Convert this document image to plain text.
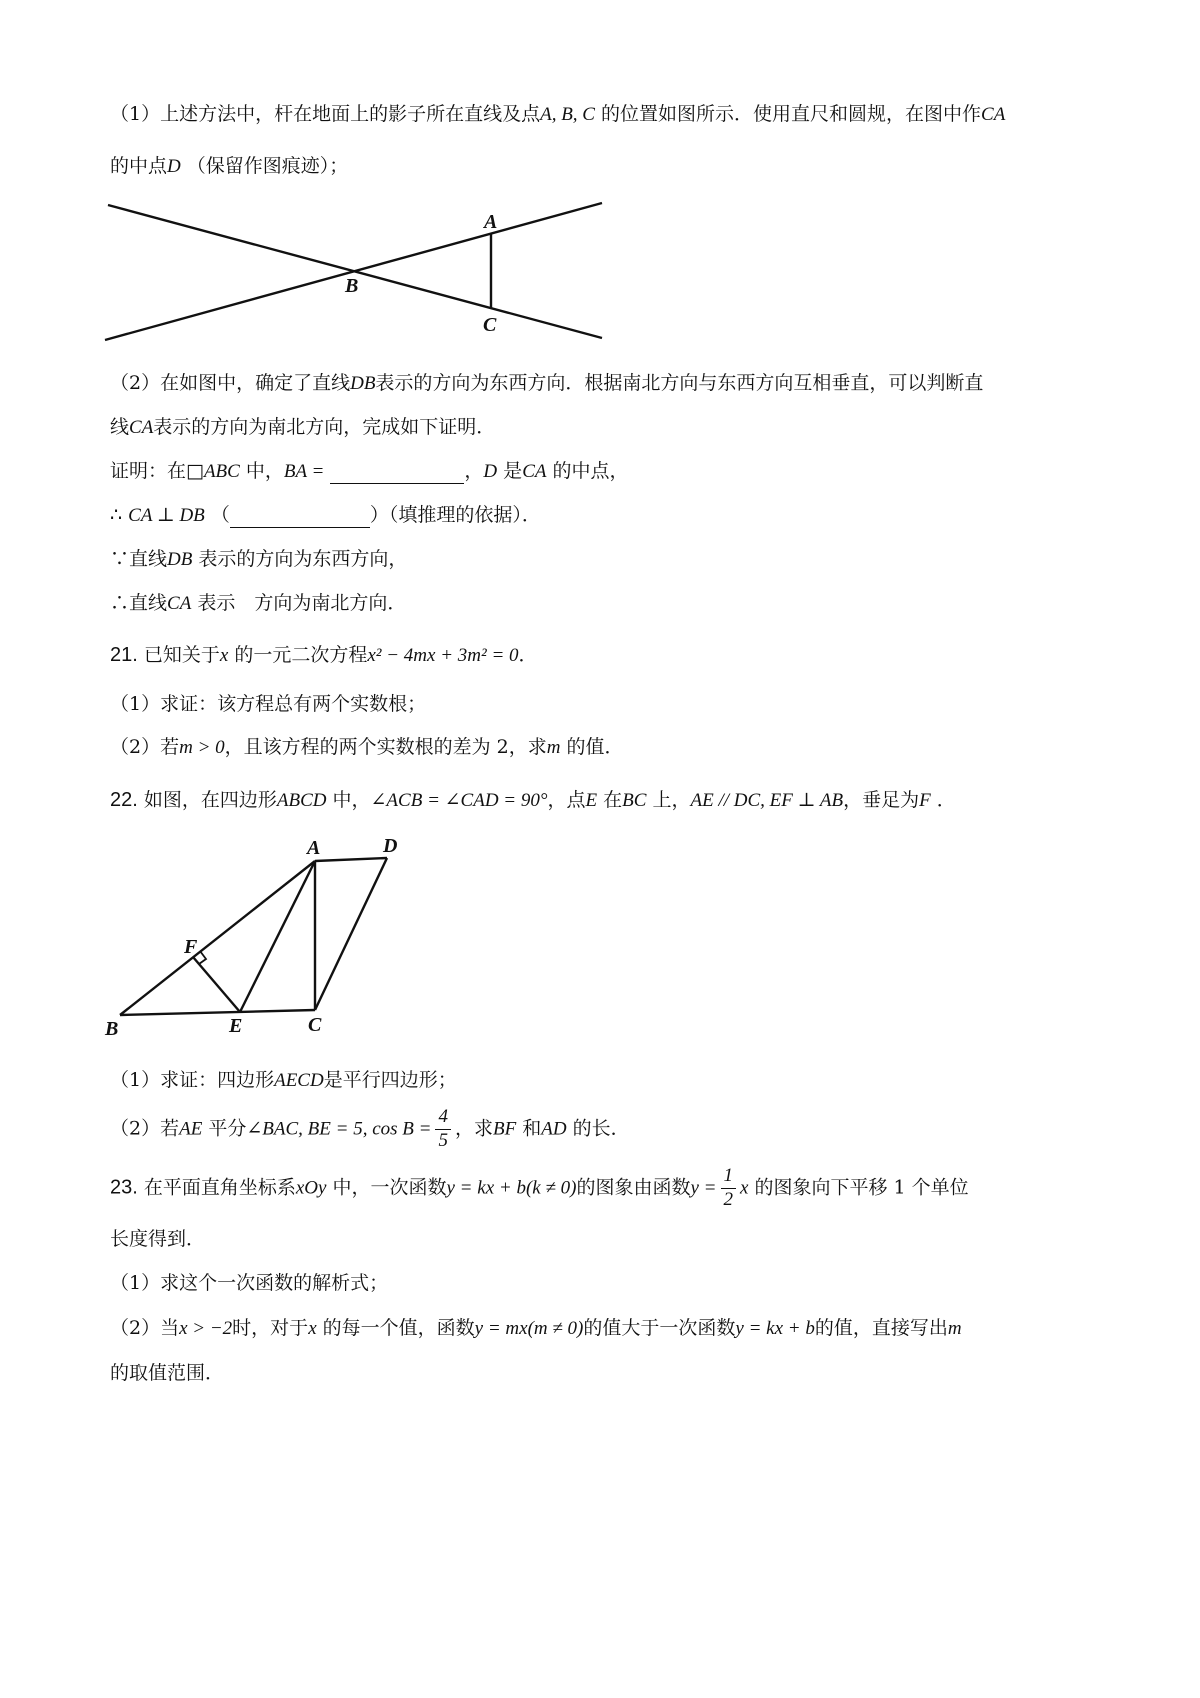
（1）上述方法中，杆在地面上的影子所在直线及点A, B, C 的位置如图所示．使用直尺和圆规，在图中作CA
的中点D （保留作图痕迹）；
A
B
C
（2）在如图中，确定了直线DB表示的方向为东西方向．根据南北方向与东西方向互相垂直，可以判断直
线CA表示的方向为南北方向，完成如下证明．
证明：在□ABC 中，BA =	，D 是CA 的中点，
∴ CA ⊥ DB （	）（填推理的依据）．
∵直线DB 表示的方向为东西方向，
∴直线CA 表示　方向为南北方向．
21. 已知关于x 的一元二次方程x² − 4mx + 3m² = 0．
（1）求证：该方程总有两个实数根；
（2）若m > 0，且该方程的两个实数根的差为 2，求m 的值．
22. 如图，在四边形ABCD 中，∠ACB = ∠CAD = 90°，点E 在BC 上，AE // DC, EF ⊥ AB，垂足为F ．
A	D
F
B	E	C
（1）求证：四边形AECD是平行四边形；
（2）若AE 平分∠BAC, BE = 5, $\cos B = \frac{4}{5}$ ，求BF 和AD 的长．
23. 在平面直角坐标系xOy 中，一次函数y = kx + b(k ≠ 0)的图象由函数$y = \frac{1}{2}$ x 的图象向下平移 1 个单位
长度得到．
（1）求这个一次函数的解析式；
（2）当x > −2时，对于x 的每一个值，函数y = mx(m ≠ 0)的值大于一次函数y = kx + b的值，直接写出m
的取值范围．
